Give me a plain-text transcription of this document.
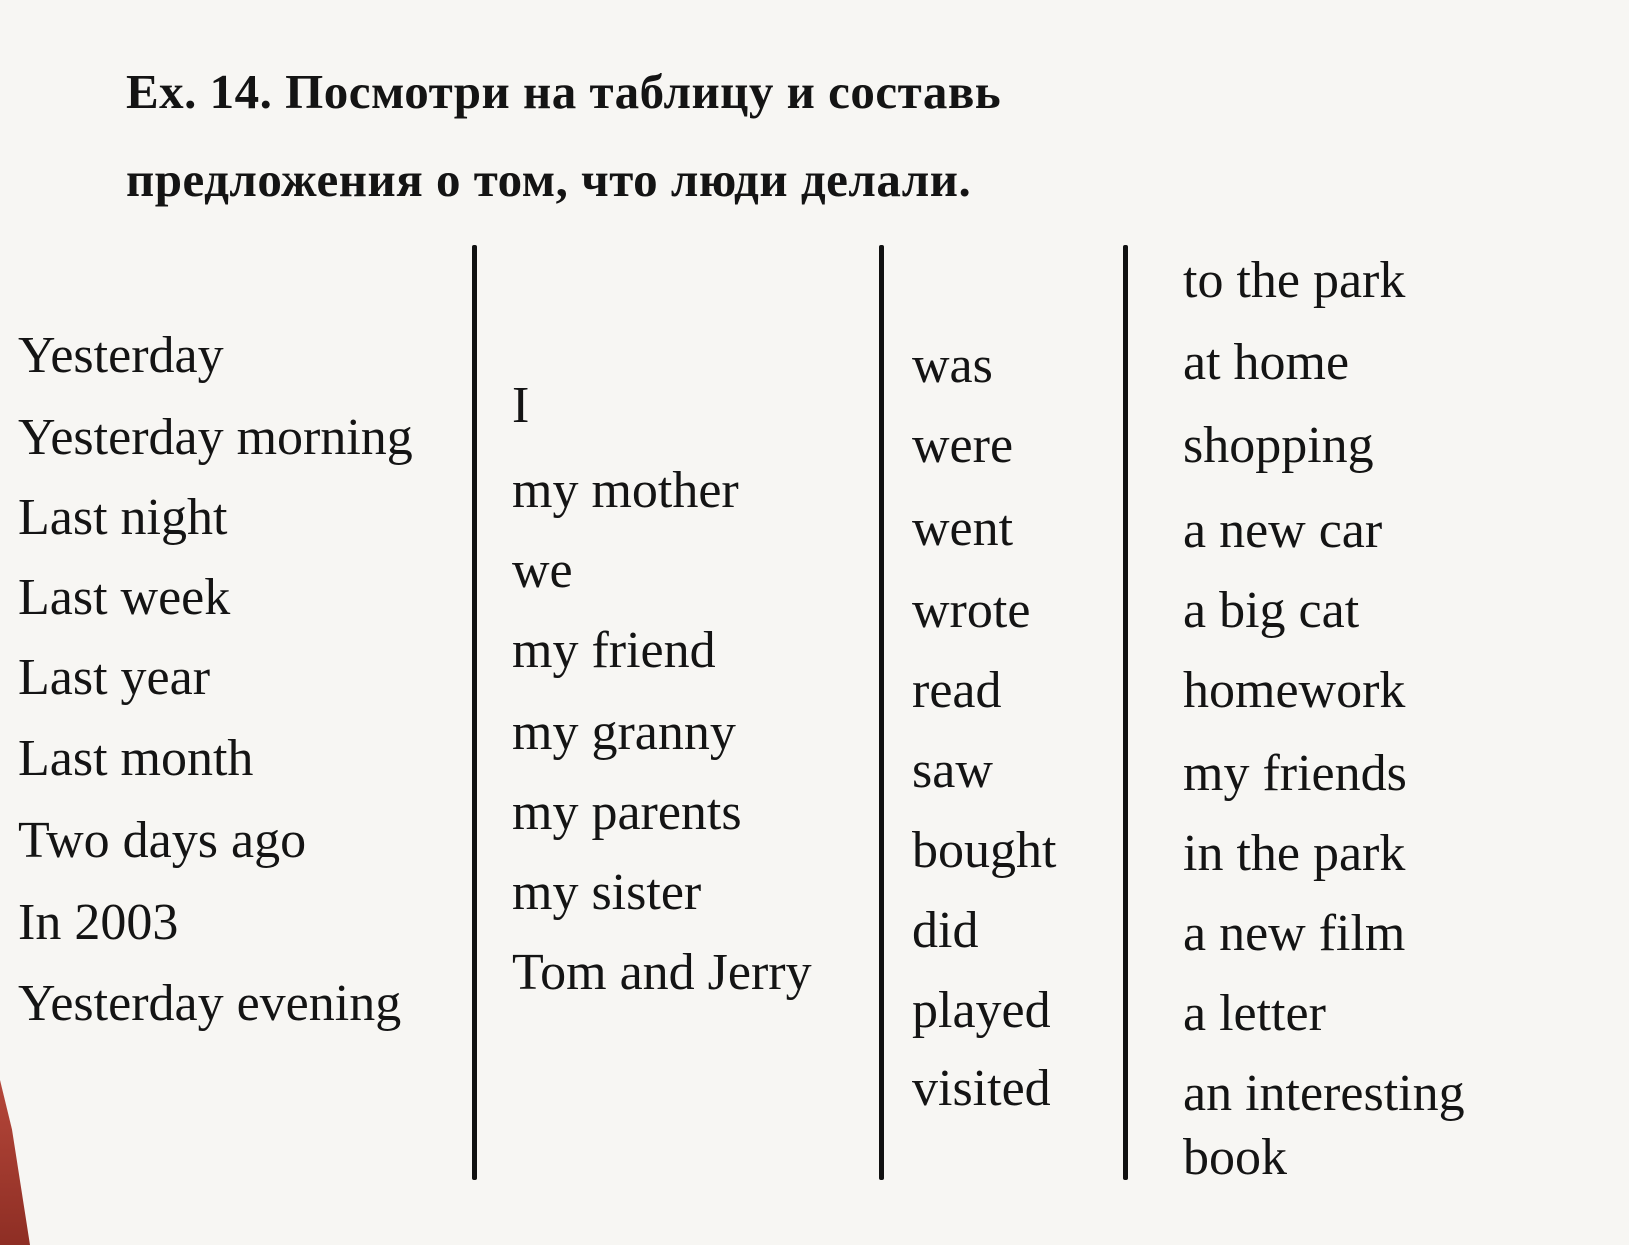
Ex. 14. Посмотри на таблицу и составь
предложения о том, что люди делали.
Yesterday
Yesterday morning
Last night
Last week
Last year
Last month
Two days ago
In 2003
Yesterday evening
I
my mother
we
my friend
my granny
my parents
my sister
Tom and Jerry
was
were
went
wrote
read
saw
bought
did
played
visited
to the park
at home
shopping
a new car
a big cat
homework
my friends
in the park
a new film
a letter
an interesting
book
